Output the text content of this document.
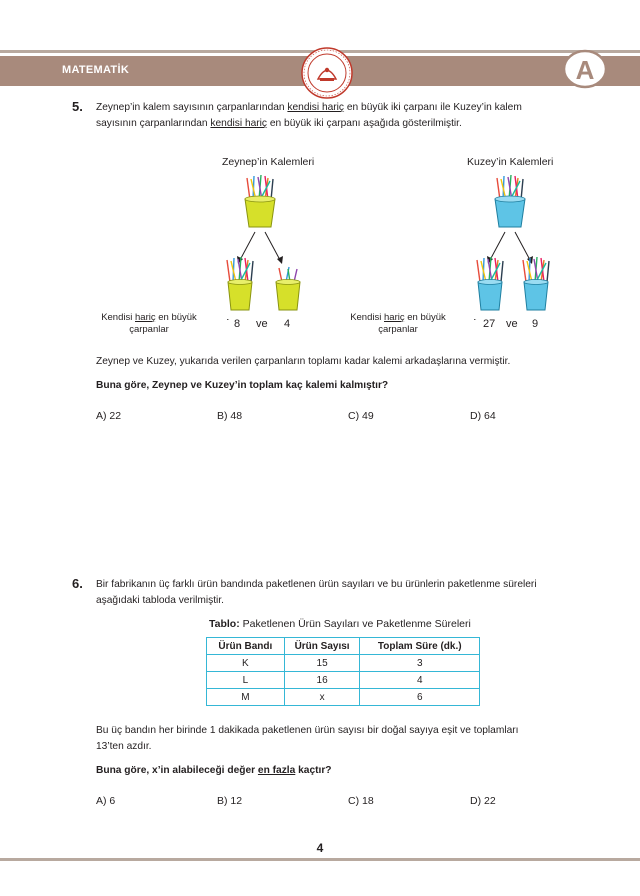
MATEMATİK	A
5. Zeynep’in kalem sayısının çarpanlarından kendisi hariç en büyük iki çarpanı ile Kuzey’in kalem
sayısının çarpanlarından kendisi hariç en büyük iki çarpanı aşağıda gösterilmiştir.
Zeynep’in Kalemleri	Kuzey’in Kalemleri
Kendisi hariç en büyük
çarpanlar	8 ve 4
Kendisi hariç en büyük
çarpanlar	27 ve 9
Zeynep ve Kuzey, yukarıda verilen çarpanların toplamı kadar kalemi arkadaşlarına vermiştir.
Buna göre, Zeynep ve Kuzey’in toplam kaç kalemi kalmıştır?
A) 22	B) 48	C) 49	D) 64
6. Bir fabrikanın üç farklı ürün bandında paketlenen ürün sayıları ve bu ürünlerin paketlenme süreleri
aşağıdaki tabloda verilmiştir.
Tablo: Paketlenen Ürün Sayıları ve Paketlenme Süreleri
Ürün Bandı	Ürün Sayısı	Toplam Süre (dk.)
K	15	3
L	16	4
M	x	6
Bu üç bandın her birinde 1 dakikada paketlenen ürün sayısı bir doğal sayıya eşit ve toplamları
13’ten azdır.
Buna göre, x’in alabileceği değer en fazla kaçtır?
A) 6	B) 12	C) 18	D) 22
4
